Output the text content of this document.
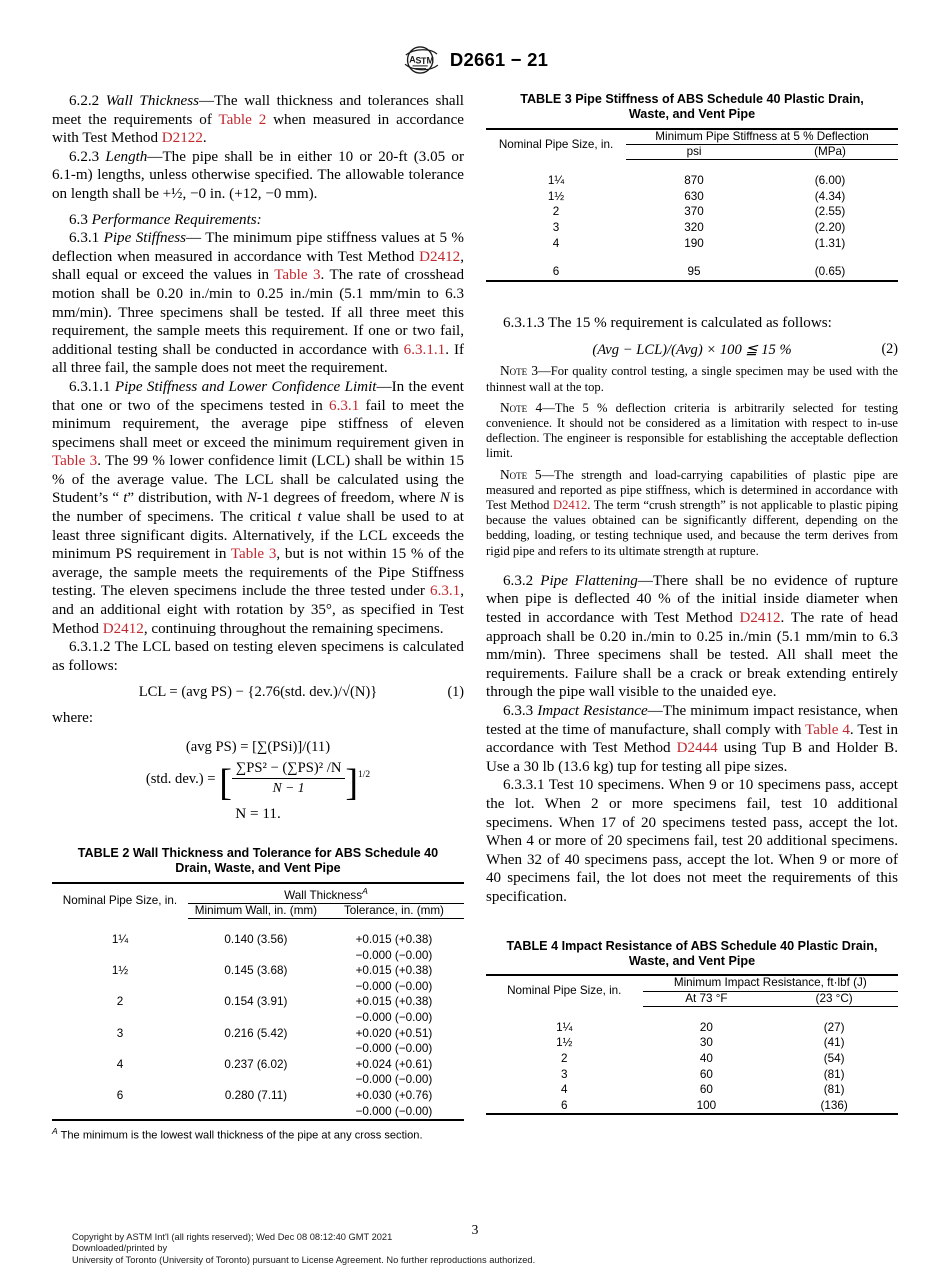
A S T M D2661 − 21

6.2.2 Wall Thickness—The wall thickness and tolerances shall meet the requirements of Table 2 when measured in accordance with Test Method D2122.

6.2.3 Length—The pipe shall be in either 10 or 20-ft (3.05 or 6.1-m) lengths, unless otherwise specified. The allowable tolerance on length shall be +½, −0 in. (+12, −0 mm).

6.3 Performance Requirements:

6.3.1 Pipe Stiffness— The minimum pipe stiffness values at 5 % deflection when measured in accordance with Test Method D2412, shall equal or exceed the values in Table 3. The rate of crosshead motion shall be 0.20 in./min to 0.25 in./min (5.1 mm/min to 6.3 mm/min). Three specimens shall be tested. If all three meet this requirement, the sample meets this requirement. If one or two fail, additional testing shall be conducted in accordance with 6.3.1.1. If all three fail, the sample does not meet the requirement.

6.3.1.1 Pipe Stiffness and Lower Confidence Limit—In the event that one or two of the specimens tested in 6.3.1 fail to meet the minimum requirement, the average pipe stiffness of eleven specimens shall meet or exceed the minimum requirement given in Table 3. The 99 % lower confidence limit (LCL) shall be within 15 % of the average value. The LCL shall be calculated using the Student’s “ t” distribution, with N-1 degrees of freedom, where N is the number of specimens. The critical t value shall be used to at least three significant digits. Alternatively, if the LCL exceeds the minimum PS requirement in Table 3, but is not within 15 % of the average, the sample meets the requirements of the Pipe Stiffness testing. The eleven specimens include the three tested under 6.3.1, and an additional eight with rotation by 35°, as specified in Test Method D2412, continuing throughout the remaining specimens.

6.3.1.2 The LCL based on testing eleven specimens is calculated as follows:

LCL = (avg PS) − {2.76(std. dev.)/√(N)}	(1)

where:

(avg PS) = [∑(PSi)]/(11)
(std. dev.) = [ $\frac{\text{∑PS² − (∑PS)² /N}}{N - 1} ]^{1/2}$
N = 11.
TABLE 2 Wall Thickness and Tolerance for ABS Schedule 40 Drain, Waste, and Vent Pipe
Nominal Pipe Size, in.	Wall Thickness$^A$
	Minimum Wall, in. (mm)	Tolerance, in. (mm)

1¼	0.140 (3.56)	+0.015 (+0.38)
		−0.000 (−0.00)
1½	0.145 (3.68)	+0.015 (+0.38)
		−0.000 (−0.00)
2	0.154 (3.91)	+0.015 (+0.38)
		−0.000 (−0.00)
3	0.216 (5.42)	+0.020 (+0.51)
		−0.000 (−0.00)
4	0.237 (6.02)	+0.024 (+0.61)
		−0.000 (−0.00)
6	0.280 (7.11)	+0.030 (+0.76)
		−0.000 (−0.00)
$^A$ The minimum is the lowest wall thickness of the pipe at any cross section.
TABLE 3 Pipe Stiffness of ABS Schedule 40 Plastic Drain, Waste, and Vent Pipe
Nominal Pipe Size, in.	Minimum Pipe Stiffness at 5 % Deflection	
	psi	(MPa)

1¼	870	(6.00)
1½	630	(4.34)
2	370	(2.55)
3	320	(2.20)
4	190	(1.31)

6	95	(0.65)

6.3.1.3 The 15 % requirement is calculated as follows:

(Avg − LCL)/(Avg) × 100 ≦ 15 %	(2)

Note 3—For quality control testing, a single specimen may be used with the thinnest wall at the top.

Note 4—The 5 % deflection criteria is arbitrarily selected for testing convenience. It should not be considered as a limitation with respect to in-use deflection. The engineer is responsible for establishing the acceptable deflection limit.

Note 5—The strength and load-carrying capabilities of plastic pipe are measured and reported as pipe stiffness, which is determined in accordance with Test Method D2412. The term “crush strength” is not applicable to plastic piping because the values obtained can be significantly different, depending on the bedding, loading, or testing technique used, and because the term derives from rigid pipe and refers to its ultimate strength at rupture.

6.3.2 Pipe Flattening—There shall be no evidence of rupture when pipe is deflected 40 % of the initial inside diameter when tested in accordance with Test Method D2412. The rate of head approach shall be 0.20 in./min to 0.25 in./min (5.1 mm/min to 6.3 mm/min). Three specimens shall be tested. All shall meet the requirements. Failure shall be a crack or break extending entirely through the pipe wall visible to the unaided eye.

6.3.3 Impact Resistance—The minimum impact resistance, when tested at the time of manufacture, shall comply with Table 4. Test in accordance with Test Method D2444 using Tup B and Holder B. Use a 30 lb (13.6 kg) tup for testing all pipe sizes.

6.3.3.1 Test 10 specimens. When 9 or 10 specimens pass, accept the lot. When 2 or more specimens fail, test 10 additional specimens. When 17 of 20 specimens tested pass, accept the lot. When 4 or more of 20 specimens fail, test 20 additional specimens. When 32 of 40 specimens pass, accept the lot. When 9 or more of 40 specimens fail, the lot does not meet the requirements of this specification.

TABLE 4 Impact Resistance of ABS Schedule 40 Plastic Drain, Waste, and Vent Pipe
Nominal Pipe Size, in.	Minimum Impact Resistance, ft·lbf (J)	
	At 73 °F	(23 °C)

1¼	20	(27)
1½	30	(41)
2	40	(54)
3	60	(81)
4	60	(81)
6	100	(136)
3
Copyright by ASTM Int'l (all rights reserved); Wed Dec 08 08:12:40 GMT 2021
Downloaded/printed by
University of Toronto (University of Toronto) pursuant to License Agreement. No further reproductions authorized.
